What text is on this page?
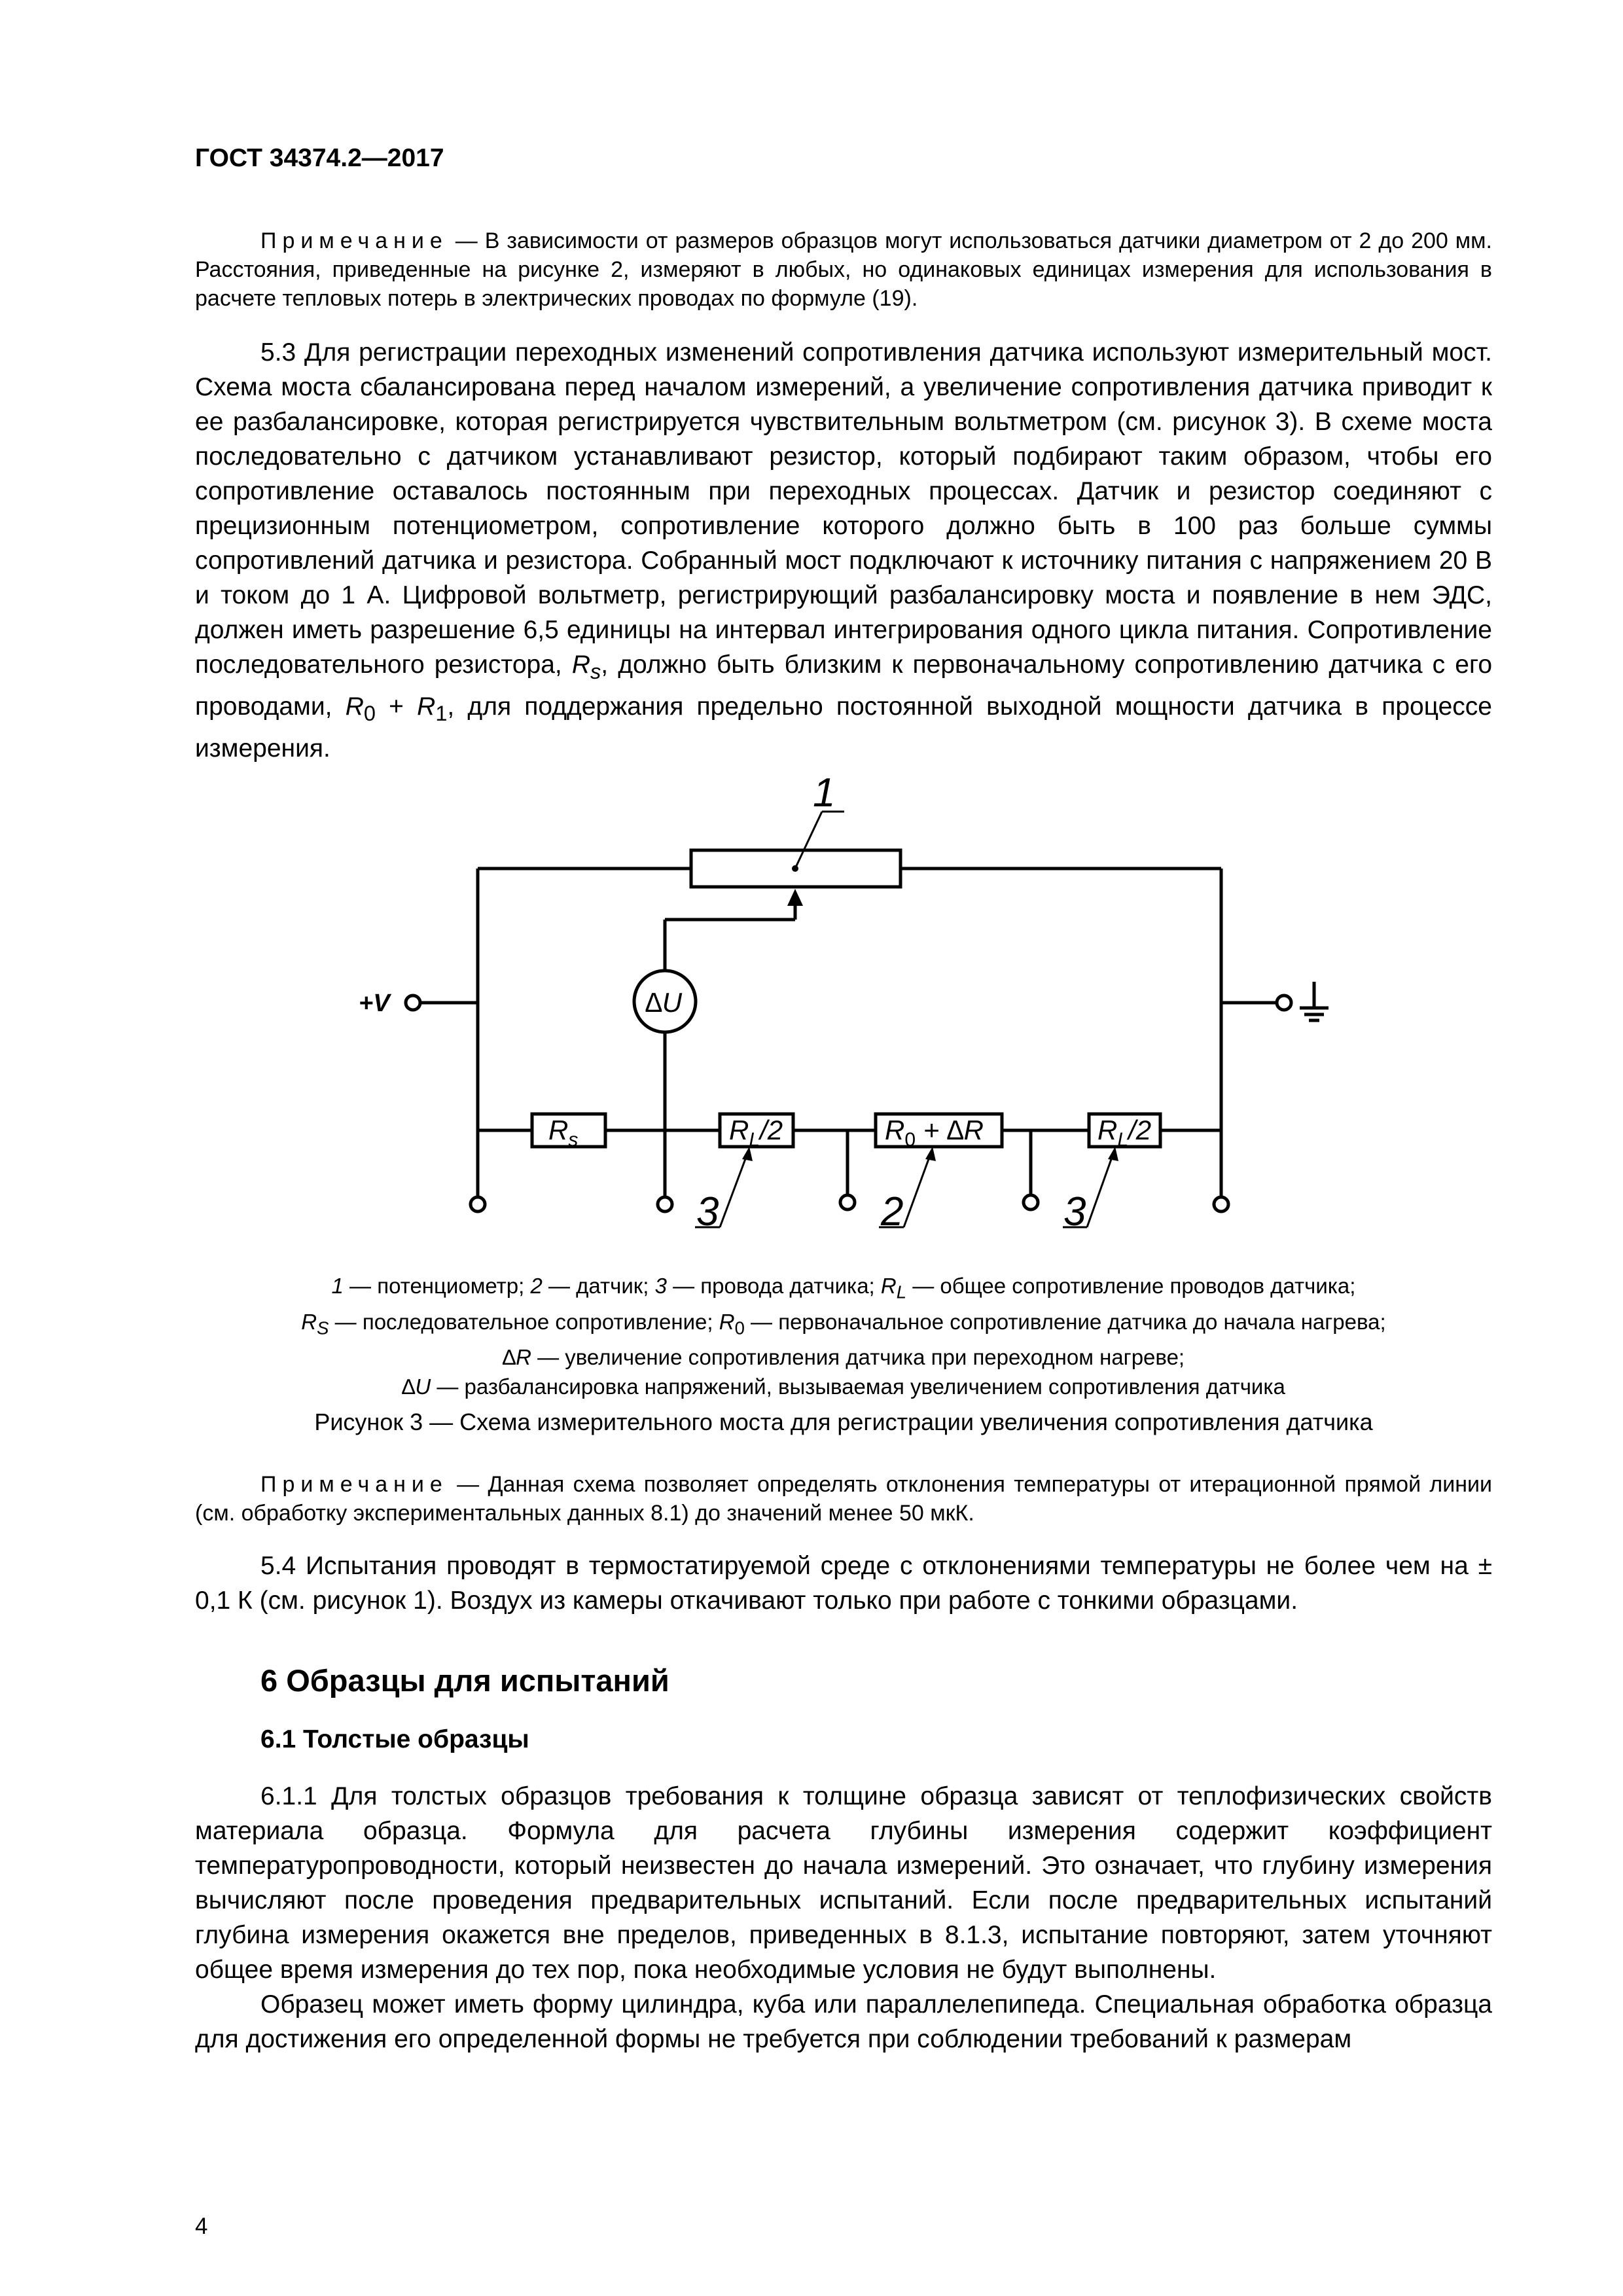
ГОСТ 34374.2—2017

Примечание — В зависимости от размеров образцов могут использоваться датчики диаметром от 2 до 200 мм. Расстояния, приведенные на рисунке 2, измеряют в любых, но одинаковых единицах измерения для использования в расчете тепловых потерь в электрических проводах по формуле (19).

5.3 Для регистрации переходных изменений сопротивления датчика используют измерительный мост. Схема моста сбалансирована перед началом измерений, а увеличение сопротивления датчика приводит к ее разбалансировке, которая регистрируется чувствительным вольтметром (см. рисунок 3). В схеме моста последовательно с датчиком устанавливают резистор, который подбирают таким образом, чтобы его сопротивление оставалось постоянным при переходных процессах. Датчик и резистор соединяют с прецизионным потенциометром, сопротивление которого должно быть в 100 раз больше суммы сопротивлений датчика и резистора. Собранный мост подключают к источнику питания с напряжением 20 В и током до 1 А. Цифровой вольтметр, регистрирующий разбалансировку моста и появление в нем ЭДС, должен иметь разрешение 6,5 единицы на интервал интегрирования одного цикла питания. Сопротивление последовательного резистора, $R_s$, должно быть близким к первоначальному сопротивлению датчика с его проводами, $R_0 + R_1$, для поддержания предельно постоянной выходной мощности датчика в процессе измерения.

1
∆U
+V
$R_s$	$R_L/2$	$R_0 + \Delta R$	$R_L/2$
3	2	3
1 — потенциометр; 2 — датчик; 3 — провода датчика; $R_L$ — общее сопротивление проводов датчика;
$R_S$ — последовательное сопротивление; $R_0$ — первоначальное сопротивление датчика до начала нагрева;
∆R — увеличение сопротивления датчика при переходном нагреве;
∆U — разбалансировка напряжений, вызываемая увеличением сопротивления датчика
Рисунок 3 — Схема измерительного моста для регистрации увеличения сопротивления датчика

Примечание — Данная схема позволяет определять отклонения температуры от итерационной прямой линии (см. обработку экспериментальных данных 8.1) до значений менее 50 мкК.

5.4 Испытания проводят в термостатируемой среде с отклонениями температуры не более чем на ± 0,1 К (см. рисунок 1). Воздух из камеры откачивают только при работе с тонкими образцами.

6 Образцы для испытаний
6.1 Толстые образцы

6.1.1 Для толстых образцов требования к толщине образца зависят от теплофизических свойств материала образца. Формула для расчета глубины измерения содержит коэффициент температуропроводности, который неизвестен до начала измерений. Это означает, что глубину измерения вычисляют после проведения предварительных испытаний. Если после предварительных испытаний глубина измерения окажется вне пределов, приведенных в 8.1.3, испытание повторяют, затем уточняют общее время измерения до тех пор, пока необходимые условия не будут выполнены.

Образец может иметь форму цилиндра, куба или параллелепипеда. Специальная обработка образца для достижения его определенной формы не требуется при соблюдении требований к размерам

4
